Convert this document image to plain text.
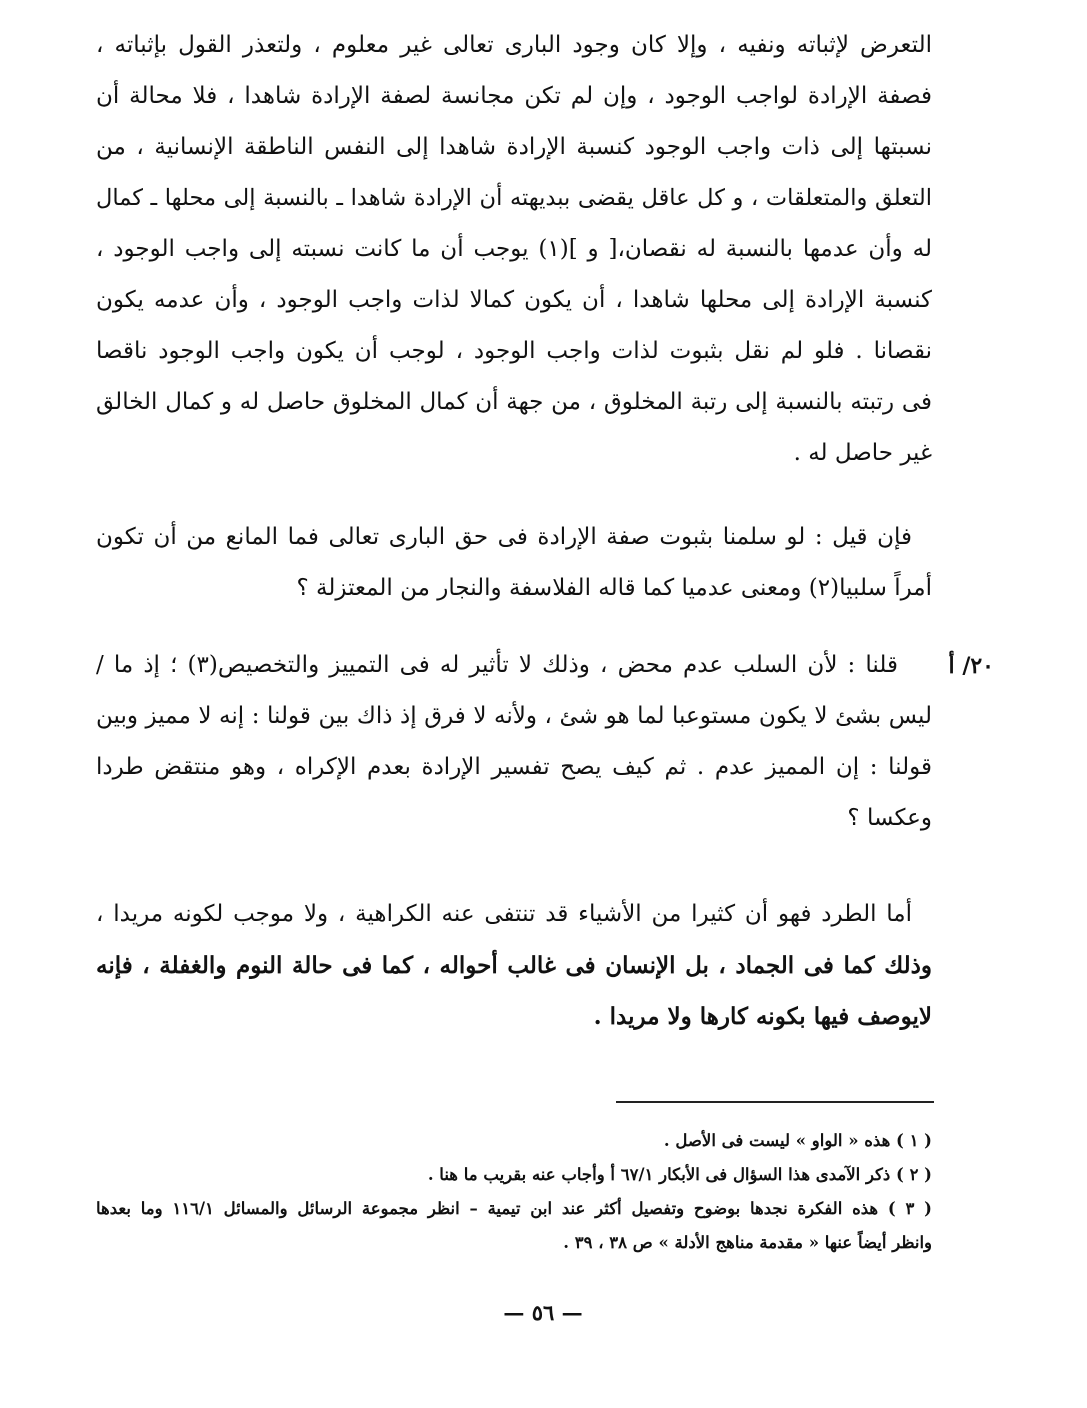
التعرض لإثباته ونفيه ، وإلا كان وجود البارى تعالى غير معلوم ، ولتعذر القول بإثباته ،
فصفة الإرادة لواجب الوجود ، وإن لم تكن مجانسة لصفة الإرادة شاهدا ، فلا محالة أن
نسبتها إلى ذات واجب الوجود كنسبة الإرادة شاهدا إلى النفس الناطقة الإنسانية ، من
التعلق والمتعلقات ، و كل عاقل يقضى ببديهته أن الإرادة شاهدا ـ بالنسبة إلى محلها ـ كمال
له وأن عدمها بالنسبة له نقصان،[ و ](١) يوجب أن ما كانت نسبته إلى واجب الوجود ،
كنسبة الإرادة إلى محلها شاهدا ، أن يكون كمالا لذات واجب الوجود ، وأن عدمه يكون
نقصانا . فلو لم نقل بثبوت لذات واجب الوجود ، لوجب أن يكون واجب الوجود ناقصا
فى رتبته بالنسبة إلى رتبة المخلوق ، من جهة أن كمال المخلوق حاصل له و كمال الخالق
غير حاصل له .
فإن قيل : لو سلمنا بثبوت صفة الإرادة فى حق البارى تعالى فما المانع من أن تكون
أمراً سلبيا(٢) ومعنى عدميا كما قاله الفلاسفة والنجار من المعتزلة ؟
٢٠/ أ
قلنا : لأن السلب عدم محض ، وذلك لا تأثير له فى التمييز والتخصيص(٣) ؛ إذ ما /
ليس بشئ لا يكون مستوعبا لما هو شئ ، ولأنه لا فرق إذ ذاك بين قولنا : إنه لا مميز وبين
قولنا : إن المميز عدم . ثم كيف يصح تفسير الإرادة بعدم الإكراه ، وهو منتقض طردا
وعكسا ؟
أما الطرد فهو أن كثيرا من الأشياء قد تنتفى عنه الكراهية ، ولا موجب لكونه مريدا ،
وذلك كما فى الجماد ، بل الإنسان فى غالب أحواله ، كما فى حالة النوم والغفلة ، فإنه
لايوصف فيها بكونه كارها ولا مريدا .
( ١ ) هذه « الواو » ليست فى الأصل .
( ٢ ) ذكر الآمدى هذا السؤال فى الأبكار ٦٧/١ أ وأجاب عنه بقريب ما هنا .
( ٣ ) هذه الفكرة نجدها بوضوح وتفصيل أكثر عند ابن تيمية – انظر مجموعة الرسائل والمسائل ١١٦/١ وما بعدها
وانظر أيضاً عنها « مقدمة مناهج الأدلة » ص ٣٨ ، ٣٩ .
— ٥٦ —
